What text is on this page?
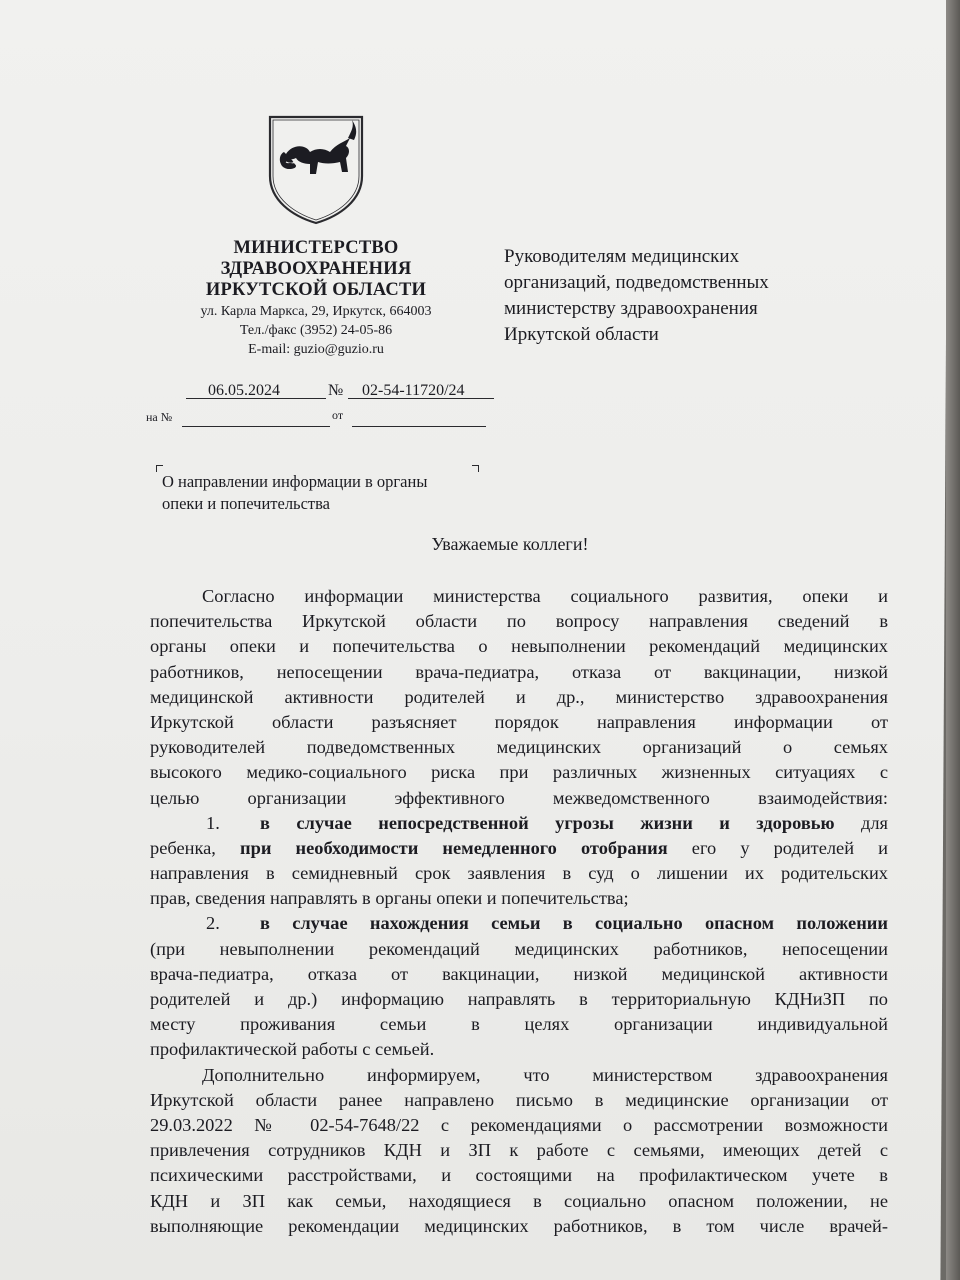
МИНИСТЕРСТВО
ЗДРАВООХРАНЕНИЯ
ИРКУТСКОЙ ОБЛАСТИ
ул. Карла Маркса, 29, Иркутск, 664003
Тел./факс (3952) 24-05-86
E-mail: guzio@guzio.ru
Руководителям медицинских
организаций, подведомственных
министерству здравоохранения
Иркутской области
06.05.2024	№ 02-54-11720/24
на №	от
О направлении информации в органы
опеки и попечительства
Уважаемые коллеги!
Согласно информации министерства социального развития, опеки и
попечительства Иркутской области по вопросу направления сведений в
органы опеки и попечительства о невыполнении рекомендаций медицинских
работников, непосещении врача-педиатра, отказа от вакцинации, низкой
медицинской активности родителей и др., министерство здравоохранения
Иркутской области разъясняет порядок направления информации от
руководителей подведомственных медицинских организаций о семьях
высокого медико-социального риска при различных жизненных ситуациях с
целью организации эффективного межведомственного взаимодействия:
1. в случае непосредственной угрозы жизни и здоровью для
ребенка, при необходимости немедленного отобрания его у родителей и
направления в семидневный срок заявления в суд о лишении их родительских
прав, сведения направлять в органы опеки и попечительства;
2. в случае нахождения семьи в социально опасном положении
(при невыполнении рекомендаций медицинских работников, непосещении
врача-педиатра, отказа от вакцинации, низкой медицинской активности
родителей и др.) информацию направлять в территориальную КДНиЗП по
месту проживания семьи в целях организации индивидуальной
профилактической работы с семьей.
Дополнительно информируем, что министерством здравоохранения
Иркутской области ранее направлено письмо в медицинские организации от
29.03.2022 № 02-54-7648/22 с рекомендациями о рассмотрении возможности
привлечения сотрудников КДН и ЗП к работе с семьями, имеющих детей с
психическими расстройствами, и состоящими на профилактическом учете в
КДН и ЗП как семьи, находящиеся в социально опасном положении, не
выполняющие рекомендации медицинских работников, в том числе врачей-
